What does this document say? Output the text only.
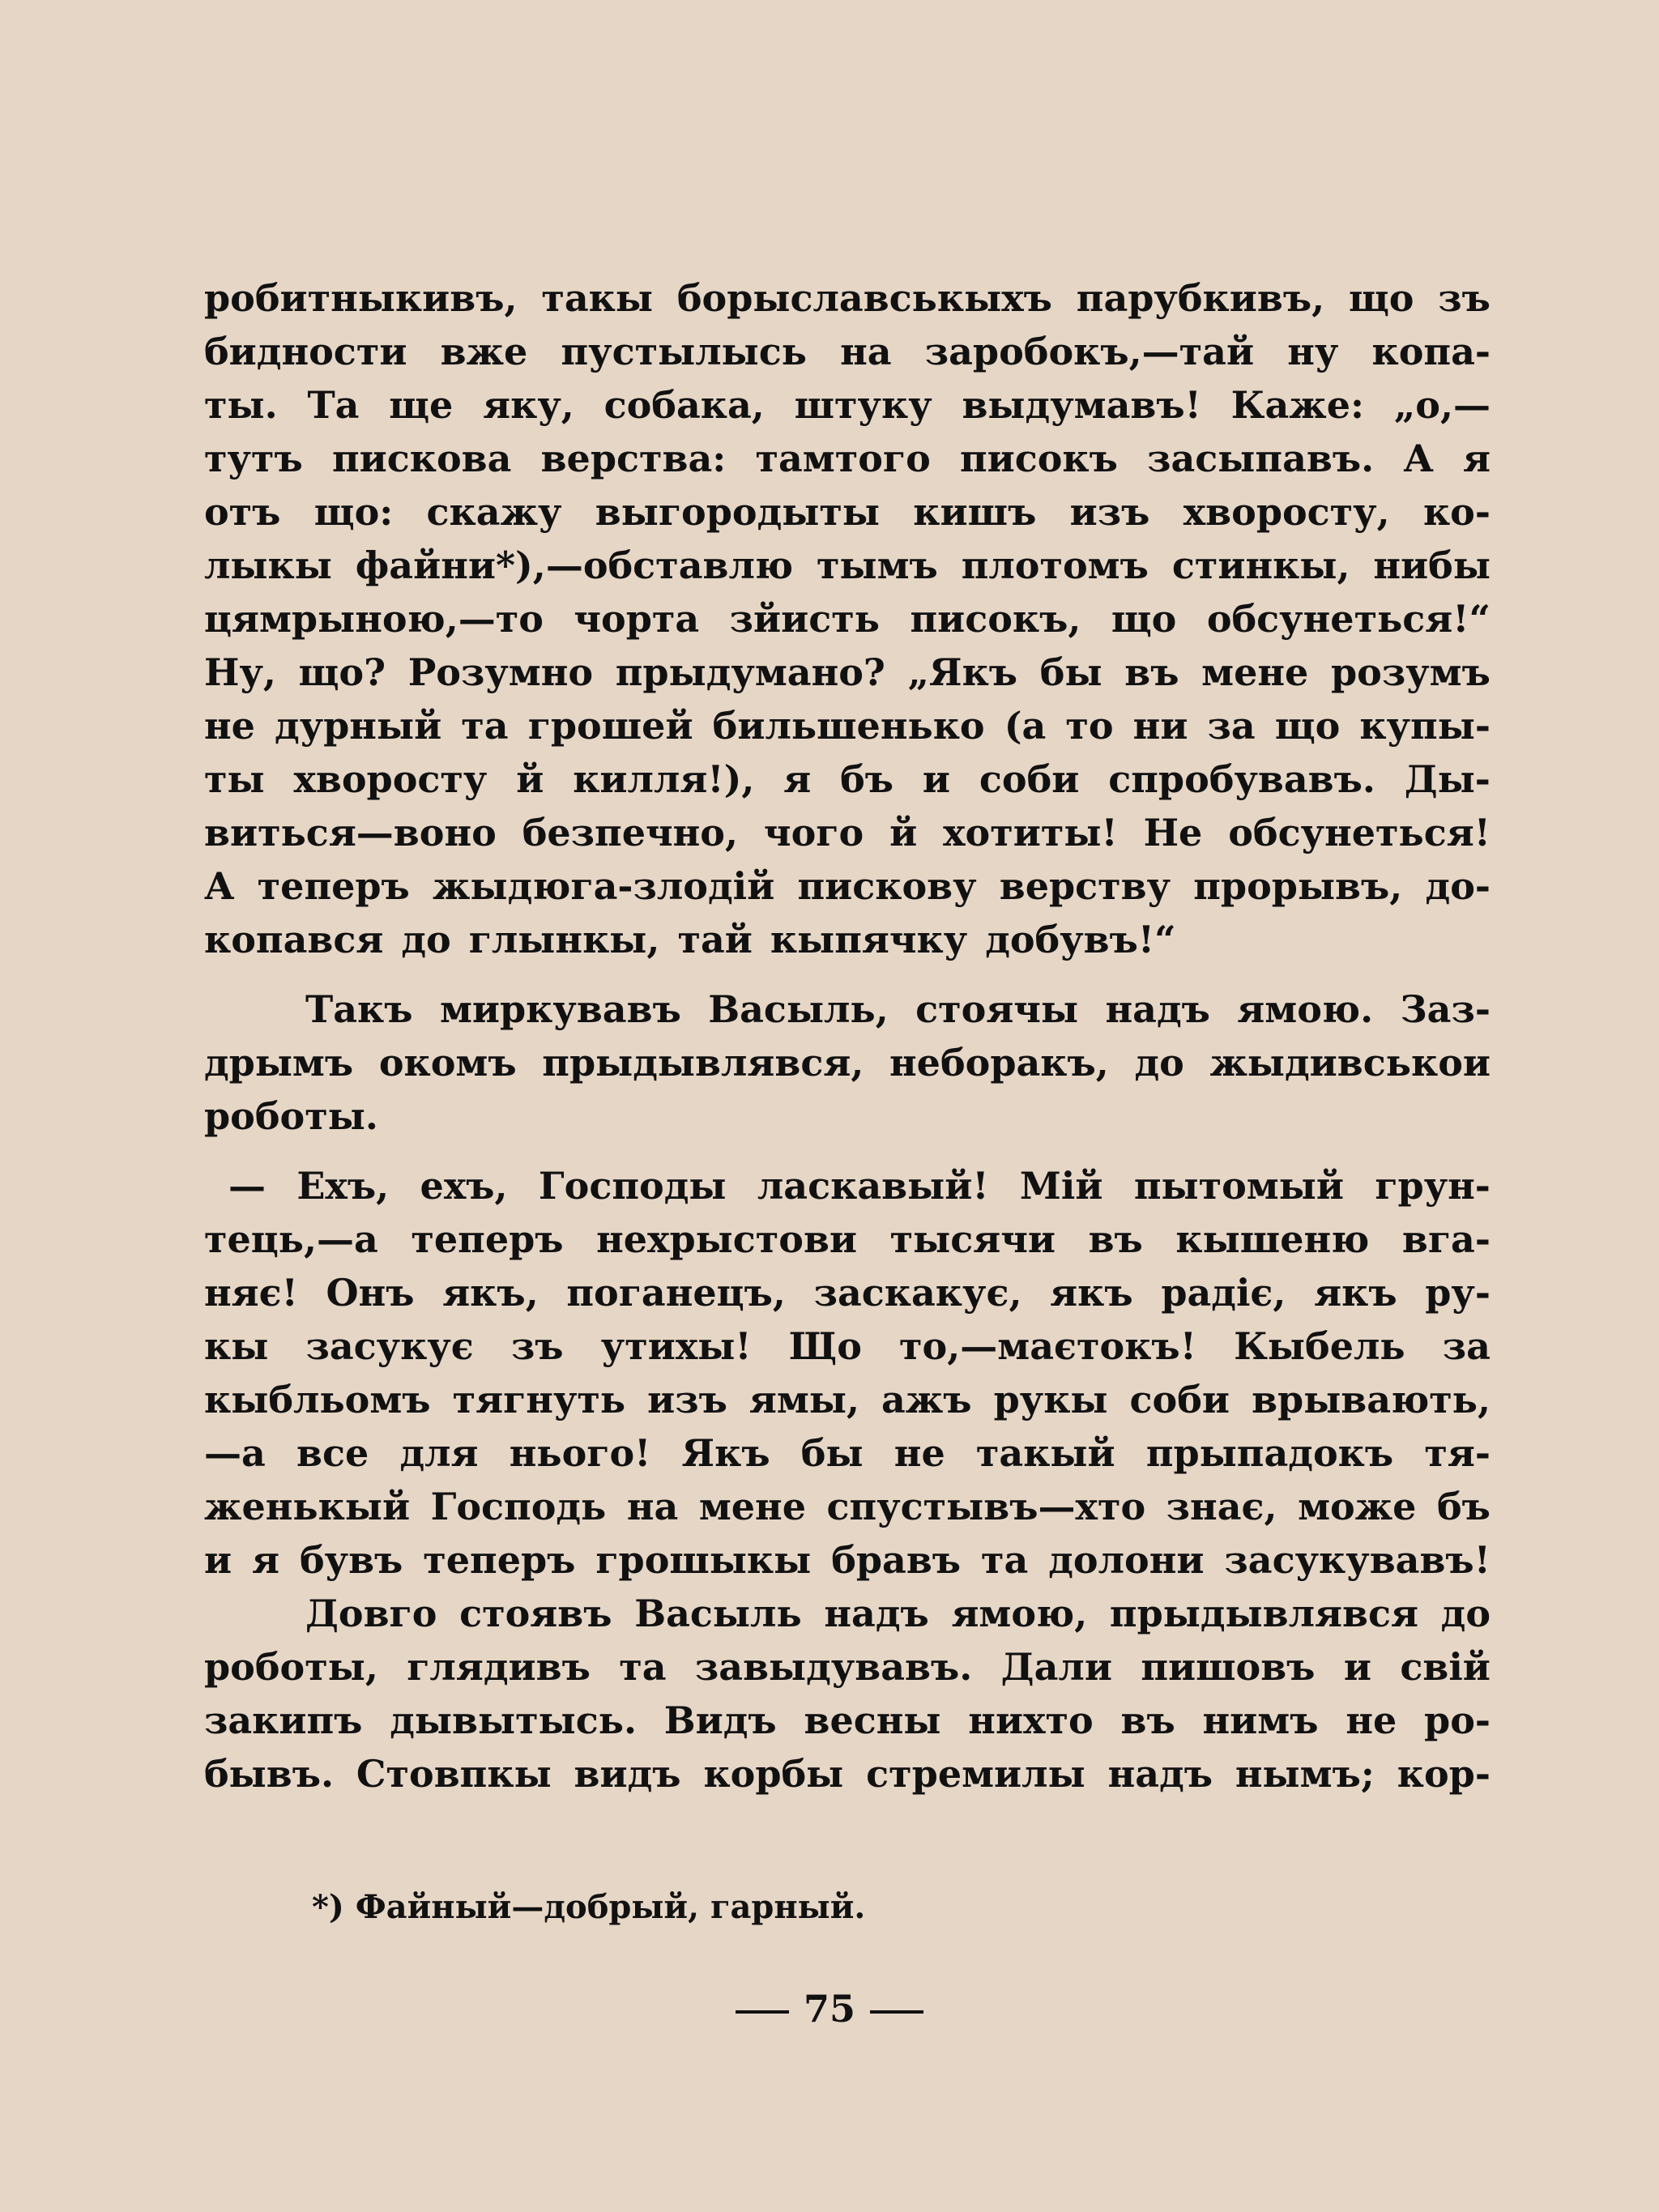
робитныкивъ, такы борыславськыхъ парубкивъ, що зъ
бидности вже пустылысь на заробокъ,—тай ну копа-
ты. Та ще яку, собака, штуку выдумавъ! Каже: „о,—
тутъ пискова верства: тамтого писокъ засыпавъ. А я
отъ що: скажу выгородыты кишъ изъ хворосту, ко-
лыкы файни*),—обставлю тымъ плотомъ стинкы, нибы
цямрыною,—то чорта зйисть писокъ, що обсунеться!“
Ну, що? Розумно прыдумано? „Якъ бы въ мене розумъ
не дурный та грошей бильшенько (а то ни за що купы-
ты хворосту й килля!), я бъ и соби спробувавъ. Ды-
виться—воно безпечно, чого й хотиты! Не обсунеться!
А теперъ жыдюга-злодій пискову верству прорывъ, до-
копався до глынкы, тай кыпячку добувъ!“
Такъ миркувавъ Васыль, стоячы надъ ямою. Заз-
дрымъ окомъ прыдывлявся, неборакъ, до жыдивськои
роботы.
— Ехъ, ехъ, Господы ласкавый! Мій пытомый грун-
тець,—а теперъ нехрыстови тысячи въ кышеню вга-
няє! Онъ якъ, поганецъ, заскакує, якъ радіє, якъ ру-
кы засукує зъ утихы! Що то,—маєтокъ! Кыбель за
кыбльомъ тягнуть изъ ямы, ажъ рукы соби врывають,
—а все для нього! Якъ бы не такый прыпадокъ тя-
женькый Господь на мене спустывъ—хто знає, може бъ
и я бувъ теперъ грошыкы бравъ та долони засукувавъ!
Довго стоявъ Васыль надъ ямою, прыдывлявся до
роботы, глядивъ та завыдувавъ. Дали пишовъ и свій
закипъ дывытысь. Видъ весны нихто въ нимъ не ро-
бывъ. Стовпкы видъ корбы стремилы надъ нымъ; кор-
*) Файный—добрый, гарный.
75
